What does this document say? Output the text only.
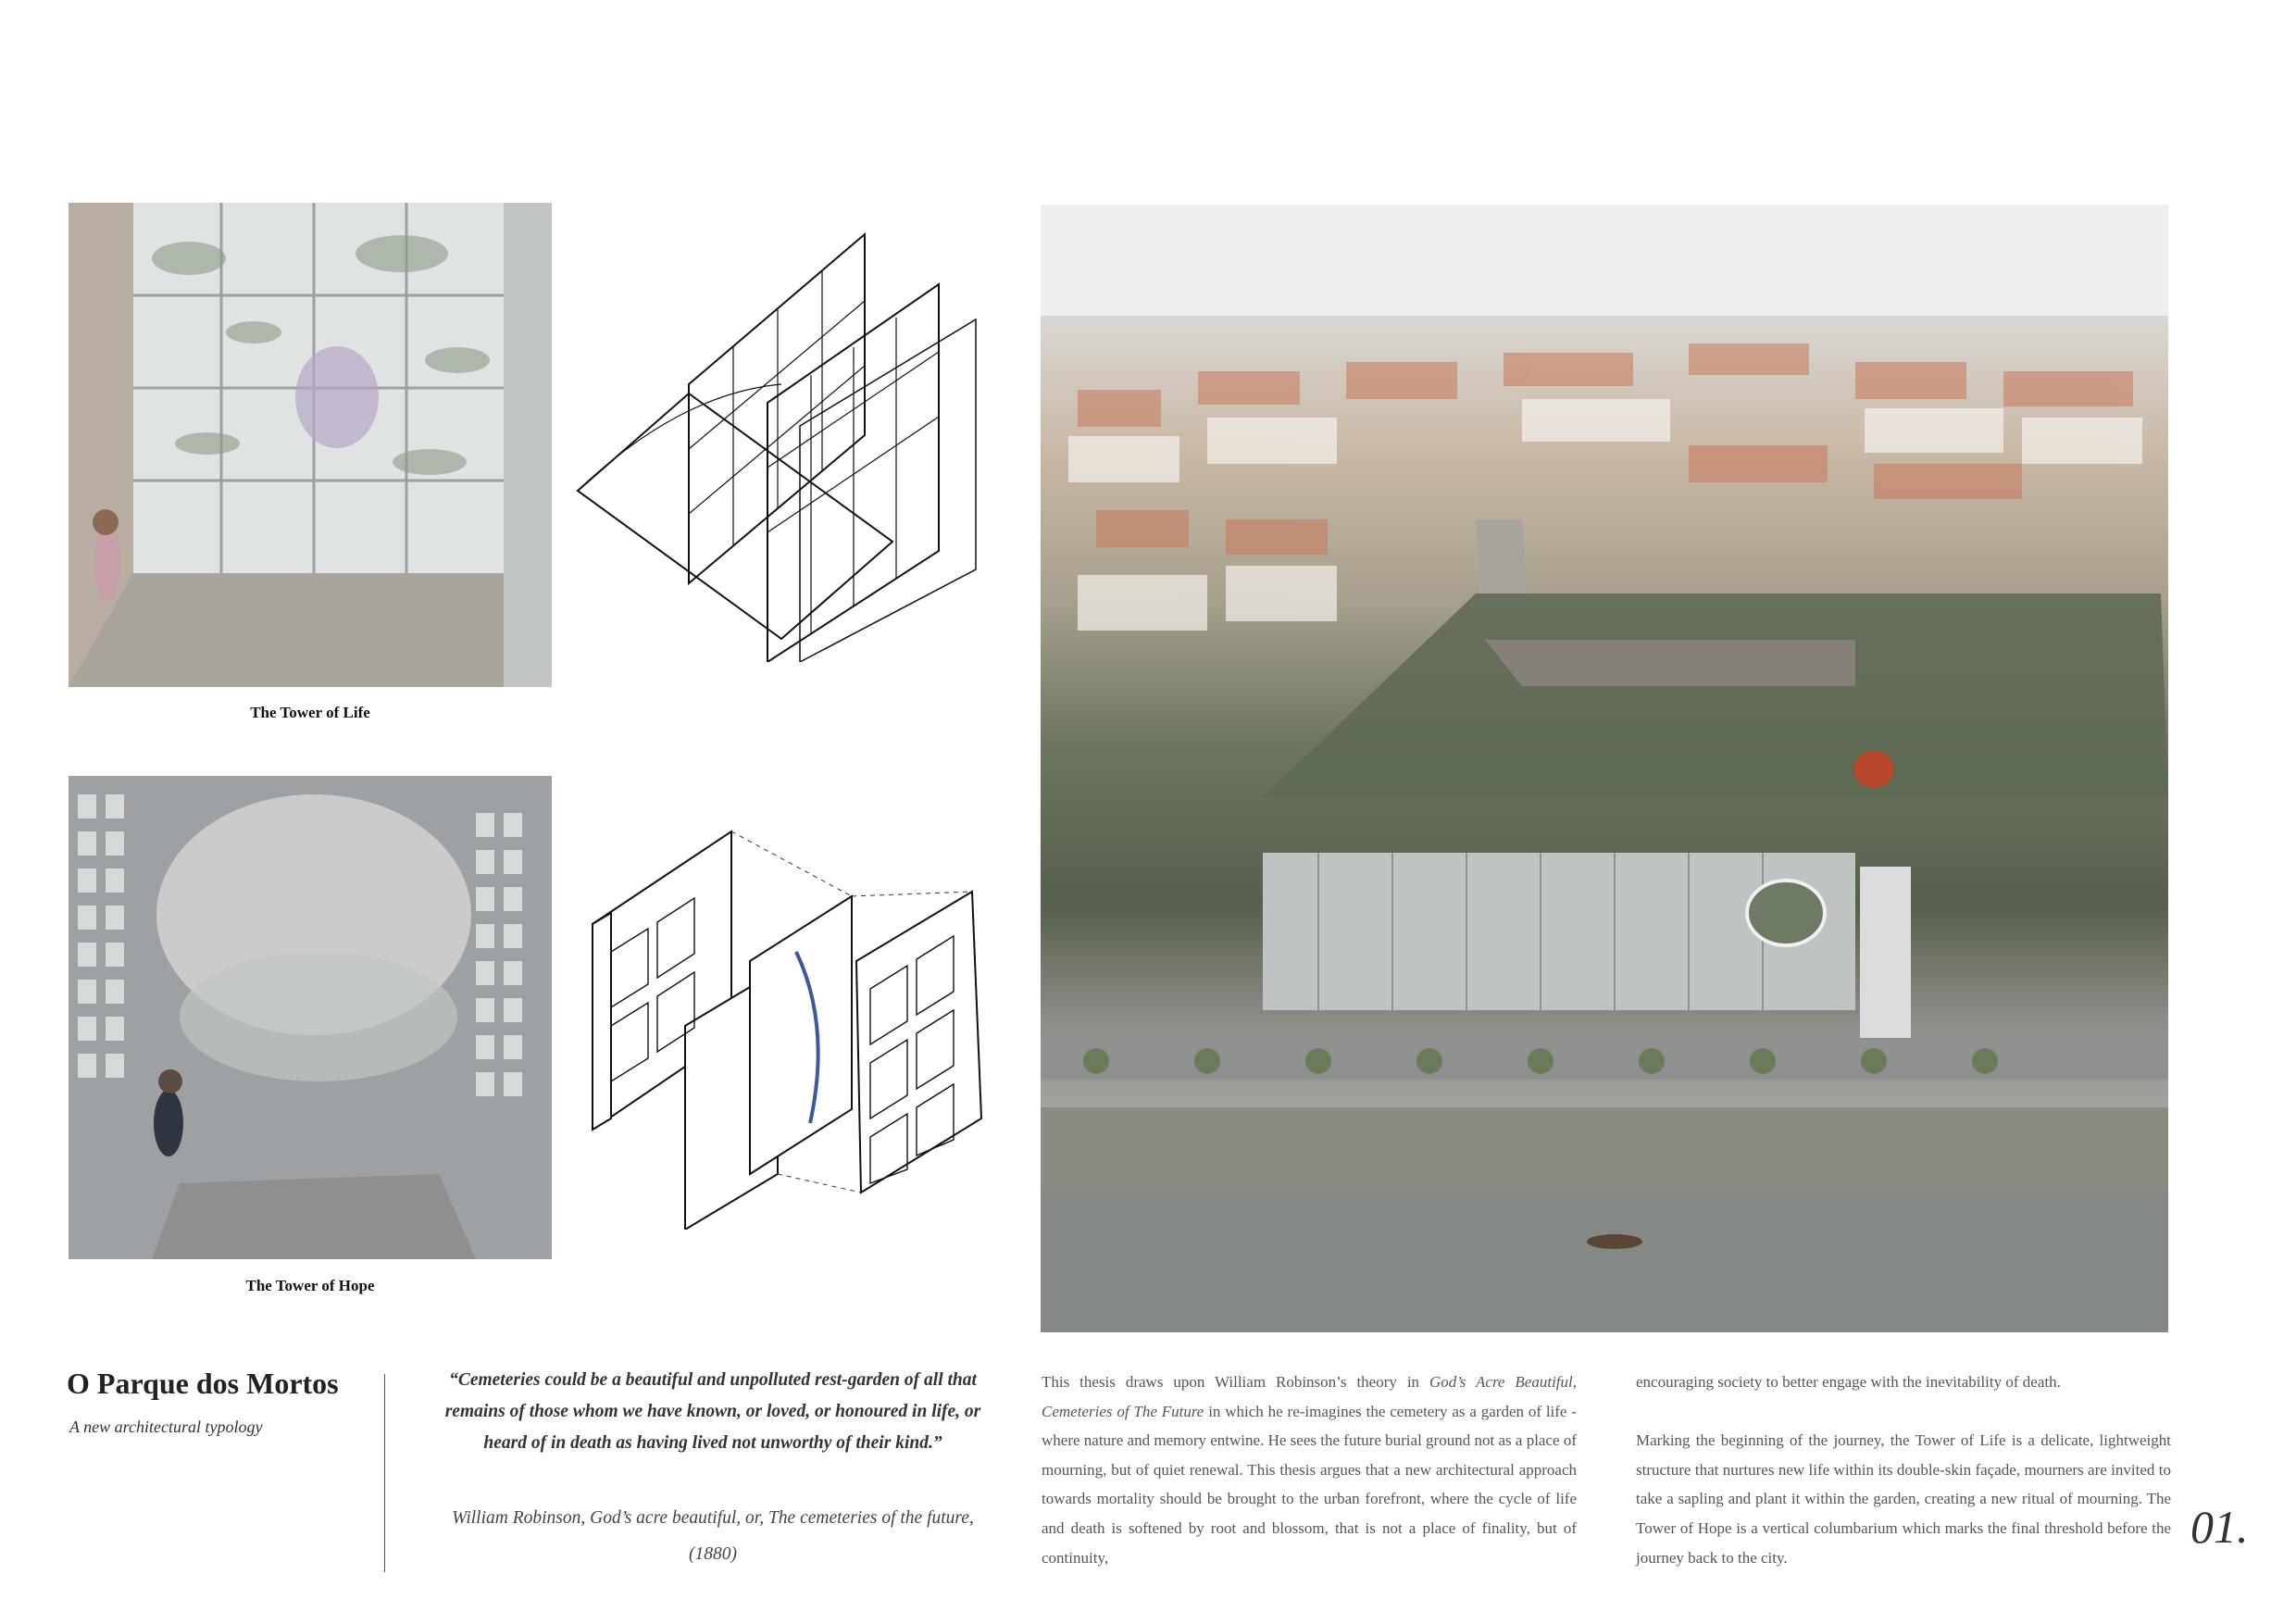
The Tower of Life
The Tower of Hope
O Parque dos Mortos
A new architectural typology
“Cemeteries could be a beautiful and unpolluted rest-garden of all that remains of those whom we have known, or loved, or honoured in life, or heard of in death as having lived not unworthy of their kind.”
William Robinson, God’s acre beautiful, or, The cemeteries of the future,
(1880)

This thesis draws upon William Robinson’s theory in God’s Acre Beautiful, Cemeteries of The Future in which he re-imagines the cemetery as a garden of life - where nature and memory entwine. He sees the future burial ground not as a place of mourning, but of quiet renewal. This thesis argues that a new architectural approach towards mortality should be brought to the urban forefront, where the cycle of life and death is softened by root and blossom, that is not a place of finality, but of continuity,

encouraging society to better engage with the inevitability of death.

Marking the beginning of the journey, the Tower of Life is a delicate, lightweight structure that nurtures new life within its double-skin façade, mourners are invited to take a sapling and plant it within the garden, creating a new ritual of mourning. The Tower of Hope is a vertical columbarium which marks the final threshold before the journey back to the city.

01.
